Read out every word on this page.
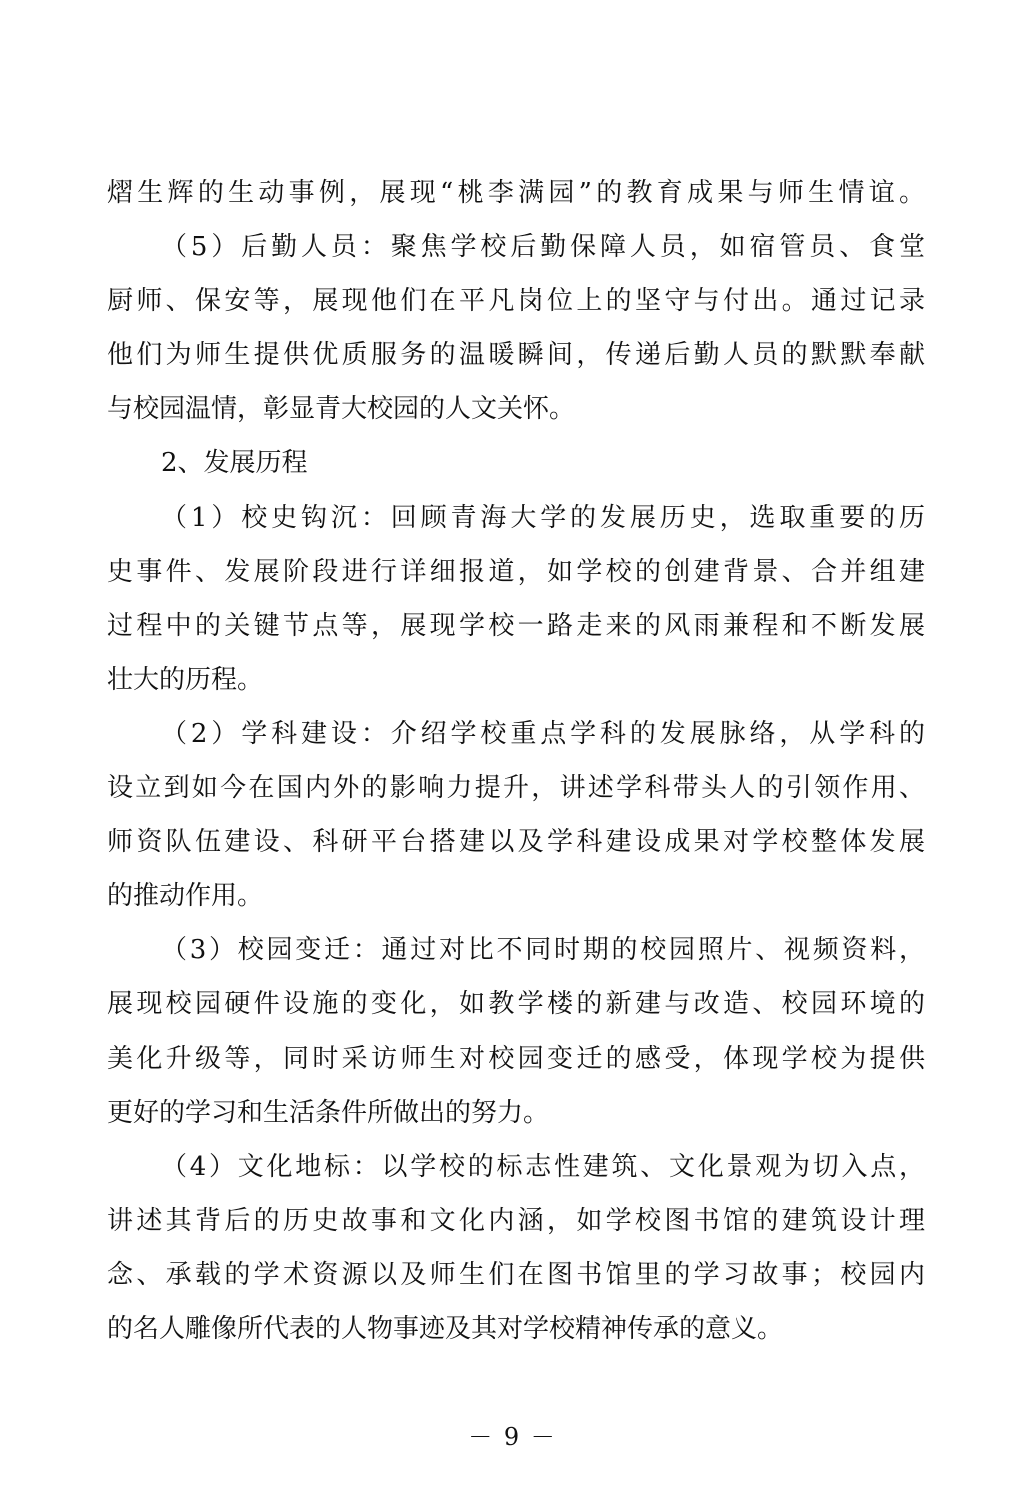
熠生辉的生动事例，展现“桃李满园”的教育成果与师生情谊。
（5）后勤人员：聚焦学校后勤保障人员，如宿管员、食堂
厨师、保安等，展现他们在平凡岗位上的坚守与付出。通过记录
他们为师生提供优质服务的温暖瞬间，传递后勤人员的默默奉献
与校园温情，彰显青大校园的人文关怀。
2、发展历程
（1）校史钩沉：回顾青海大学的发展历史，选取重要的历
史事件、发展阶段进行详细报道，如学校的创建背景、合并组建
过程中的关键节点等，展现学校一路走来的风雨兼程和不断发展
壮大的历程。
（2）学科建设：介绍学校重点学科的发展脉络，从学科的
设立到如今在国内外的影响力提升，讲述学科带头人的引领作用、
师资队伍建设、科研平台搭建以及学科建设成果对学校整体发展
的推动作用。
（3）校园变迁：通过对比不同时期的校园照片、视频资料，
展现校园硬件设施的变化，如教学楼的新建与改造、校园环境的
美化升级等，同时采访师生对校园变迁的感受，体现学校为提供
更好的学习和生活条件所做出的努力。
（4）文化地标：以学校的标志性建筑、文化景观为切入点，
讲述其背后的历史故事和文化内涵，如学校图书馆的建筑设计理
念、承载的学术资源以及师生们在图书馆里的学习故事；校园内
的名人雕像所代表的人物事迹及其对学校精神传承的意义。
－ 9 －
